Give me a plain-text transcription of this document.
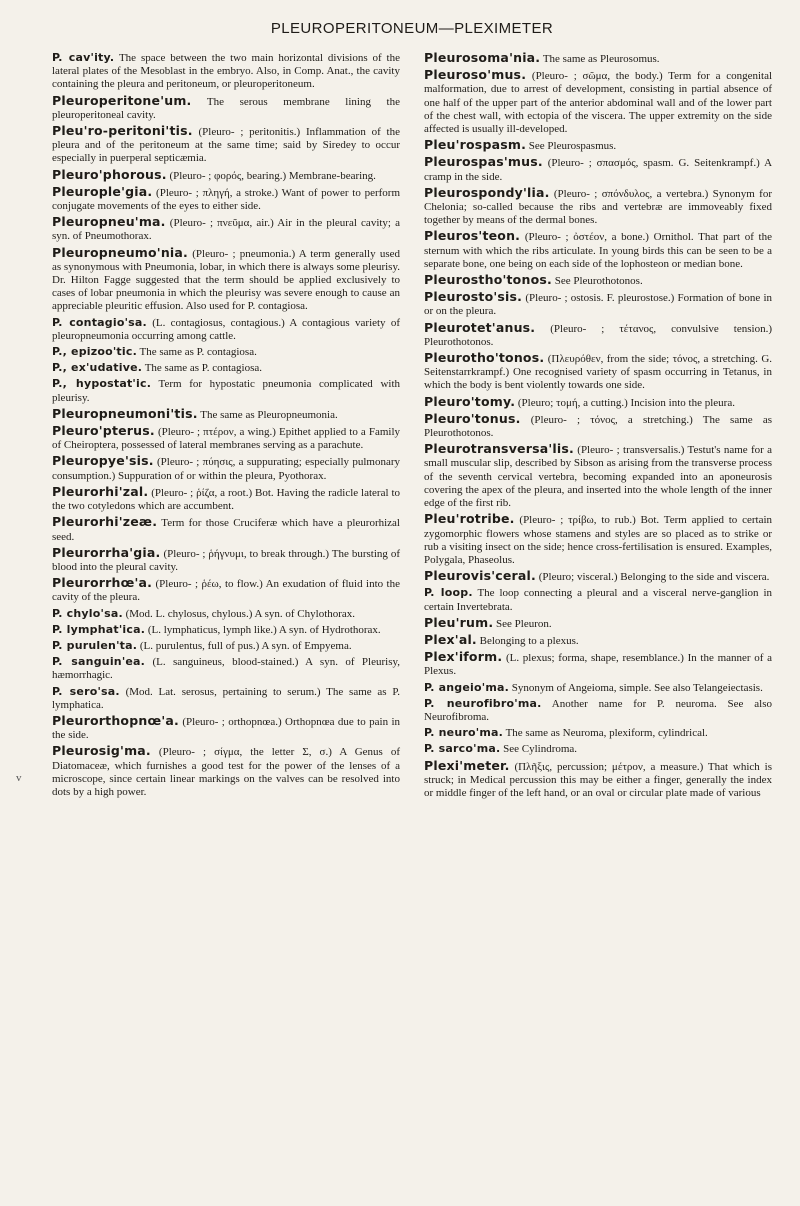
PLEUROPERITONEUM—PLEXIMETER
v

P. cav'ity. The space between the two main horizontal divisions of the lateral plates of the Mesoblast in the embryo. Also, in Comp. Anat., the cavity containing the pleura and peritoneum, or pleuroperitoneum.

Pleuroperitone'um. The serous membrane lining the pleuroperitoneal cavity.

Pleu'ro-peritoni'tis. (Pleuro- ; peritonitis.) Inflammation of the pleura and of the peritoneum at the same time; said by Siredey to occur especially in puerperal septicæmia.

Pleuro'phorous. (Pleuro- ; φορός, bearing.) Membrane-bearing.

Pleurople'gia. (Pleuro- ; πληγή, a stroke.) Want of power to perform conjugate movements of the eyes to either side.

Pleuropneu'ma. (Pleuro- ; πνεῦμα, air.) Air in the pleural cavity; a syn. of Pneumothorax.

Pleuropneumo'nia. (Pleuro- ; pneumonia.) A term generally used as synonymous with Pneumonia, lobar, in which there is always some pleurisy. Dr. Hilton Fagge suggested that the term should be applied exclusively to cases of lobar pneumonia in which the pleurisy was severe enough to cause an appreciable pleuritic effusion. Also used for P. contagiosa.

P. contagio'sa. (L. contagiosus, contagious.) A contagious variety of pleuropneumonia occurring among cattle.

P., epizoo'tic. The same as P. contagiosa.

P., ex'udative. The same as P. contagiosa.

P., hypostat'ic. Term for hypostatic pneumonia complicated with pleurisy.

Pleuropneumoni'tis. The same as Pleuropneumonia.

Pleuro'pterus. (Pleuro- ; πτέρον, a wing.) Epithet applied to a Family of Cheiroptera, possessed of lateral membranes serving as a parachute.

Pleuropye'sis. (Pleuro- ; πύησις, a suppurating; especially pulmonary consumption.) Suppuration of or within the pleura, Pyothorax.

Pleurorhi'zal. (Pleuro- ; ῥίζα, a root.) Bot. Having the radicle lateral to the two cotyledons which are accumbent.

Pleurorhi'zeæ. Term for those Cruciferæ which have a pleurorhizal seed.

Pleurorrha'gia. (Pleuro- ; ῥήγνυμι, to break through.) The bursting of blood into the pleural cavity.

Pleurorrhœ'a. (Pleuro- ; ῥέω, to flow.) An exudation of fluid into the cavity of the pleura.

P. chylo'sa. (Mod. L. chylosus, chylous.) A syn. of Chylothorax.

P. lymphat'ica. (L. lymphaticus, lymph like.) A syn. of Hydrothorax.

P. purulen'ta. (L. purulentus, full of pus.) A syn. of Empyema.

P. sanguin'ea. (L. sanguineus, blood-stained.) A syn. of Pleurisy, hæmorrhagic.

P. sero'sa. (Mod. Lat. serosus, pertaining to serum.) The same as P. lymphatica.

Pleurorthopnœ'a. (Pleuro- ; orthopnœa.) Orthopnœa due to pain in the side.

Pleurosig'ma. (Pleuro- ; σίγμα, the letter Σ, σ.) A Genus of Diatomaceæ, which furnishes a good test for the power of the lenses of a microscope, since certain linear markings on the valves can be resolved into dots by a high power.

Pleurosoma'nia. The same as Pleurosomus.

Pleuroso'mus. (Pleuro- ; σῶμα, the body.) Term for a congenital malformation, due to arrest of development, consisting in partial absence of one half of the upper part of the anterior abdominal wall and of the lower part of the chest wall, with ectopia of the viscera. The upper extremity on the side affected is usually ill-developed.

Pleu'rospasm. See Pleurospasmus.

Pleurospas'mus. (Pleuro- ; σπασμός, spasm. G. Seitenkrampf.) A cramp in the side.

Pleurospondy'lia. (Pleuro- ; σπόνδυλος, a vertebra.) Synonym for Chelonia; so-called because the ribs and vertebræ are immoveably fixed together by means of the dermal bones.

Pleuros'teon. (Pleuro- ; ὀστέον, a bone.) Ornithol. That part of the sternum with which the ribs articulate. In young birds this can be seen to be a separate bone, one being on each side of the lophosteon or median bone.

Pleurostho'tonos. See Pleurothotonos.

Pleurosto'sis. (Pleuro- ; ostosis. F. pleurostose.) Formation of bone in or on the pleura.

Pleurotet'anus. (Pleuro- ; τέτανος, convulsive tension.) Pleurothotonos.

Pleurotho'tonos. (Πλευρόθεν, from the side; τόνος, a stretching. G. Seitenstarrkrampf.) One recognised variety of spasm occurring in Tetanus, in which the body is bent violently towards one side.

Pleuro'tomy. (Pleuro; τομή, a cutting.) Incision into the pleura.

Pleuro'tonus. (Pleuro- ; τόνος, a stretching.) The same as Pleurothotonos.

Pleurotransversa'lis. (Pleuro- ; transversalis.) Testut's name for a small muscular slip, described by Sibson as arising from the transverse process of the seventh cervical vertebra, becoming expanded into an aponeurosis covering the apex of the pleura, and inserted into the whole length of the inner edge of the first rib.

Pleu'rotribe. (Pleuro- ; τρίβω, to rub.) Bot. Term applied to certain zygomorphic flowers whose stamens and styles are so placed as to strike or rub a visiting insect on the side; hence cross-fertilisation is ensured. Examples, Polygala, Phaseolus.

Pleurovis'ceral. (Pleuro; visceral.) Belonging to the side and viscera.

P. loop. The loop connecting a pleural and a visceral nerve-ganglion in certain Invertebrata.

Pleu'rum. See Pleuron.

Plex'al. Belonging to a plexus.

Plex'iform. (L. plexus; forma, shape, resemblance.) In the manner of a Plexus.

P. angeio'ma. Synonym of Angeioma, simple. See also Telangeiectasis.

P. neurofibro'ma. Another name for P. neuroma. See also Neurofibroma.

P. neuro'ma. The same as Neuroma, plexiform, cylindrical.

P. sarco'ma. See Cylindroma.

Plexi'meter. (Πλῆξις, percussion; μέτρον, a measure.) That which is struck; in Medical percussion this may be either a finger, generally the index or middle finger of the left hand, or an oval or circular plate made of various
